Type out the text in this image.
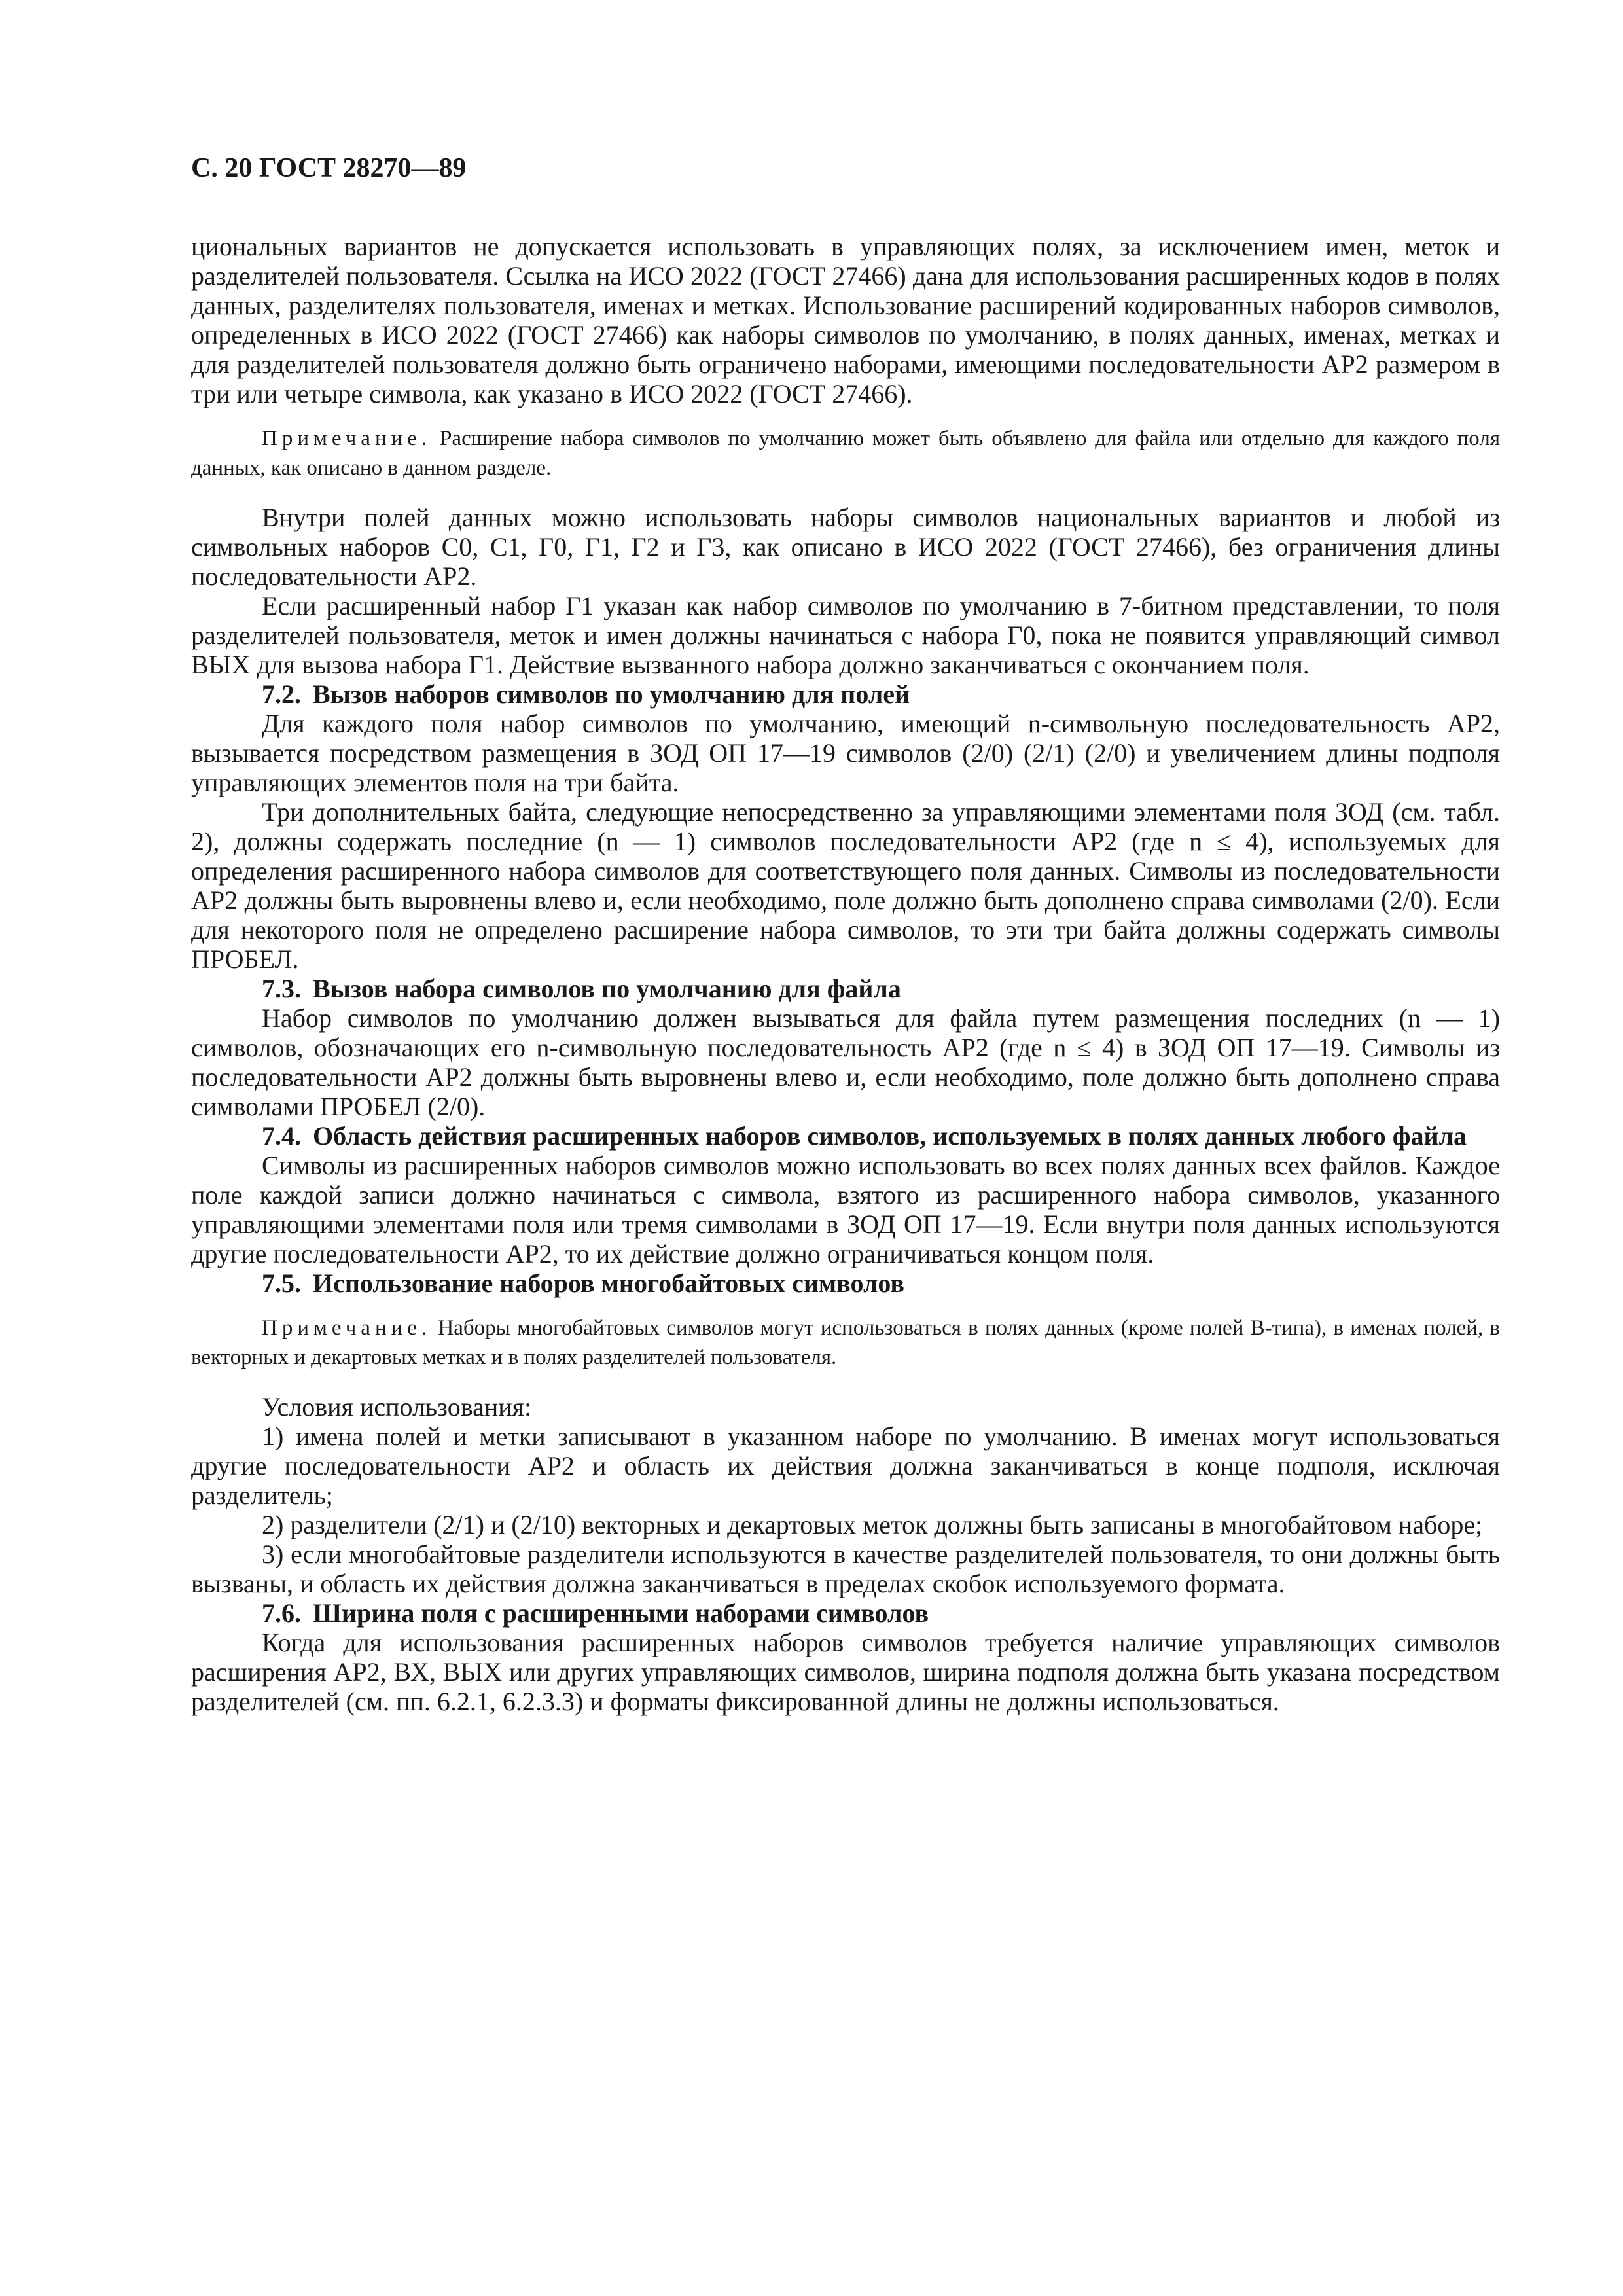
С. 20 ГОСТ 28270—89

циональных вариантов не допускается использовать в управляющих полях, за исключением имен, меток и разделителей пользователя. Ссылка на ИСО 2022 (ГОСТ 27466) дана для использования расширенных кодов в полях данных, разделителях пользователя, именах и метках. Использование расширений кодированных наборов символов, определенных в ИСО 2022 (ГОСТ 27466) как наборы символов по умолчанию, в полях данных, именах, метках и для разделителей пользователя должно быть ограничено наборами, имеющими последовательности АР2 размером в три или четыре символа, как указано в ИСО 2022 (ГОСТ 27466).

Примечание. Расширение набора символов по умолчанию может быть объявлено для файла или отдельно для каждого поля данных, как описано в данном разделе.

Внутри полей данных можно использовать наборы символов национальных вариантов и любой из символьных наборов С0, С1, Г0, Г1, Г2 и Г3, как описано в ИСО 2022 (ГОСТ 27466), без ограничения длины последовательности АР2.

Если расширенный набор Г1 указан как набор символов по умолчанию в 7-битном представлении, то поля разделителей пользователя, меток и имен должны начинаться с набора Г0, пока не появится управляющий символ ВЫХ для вызова набора Г1. Действие вызванного набора должно заканчиваться с окончанием поля.

7.2. Вызов наборов символов по умолчанию для полей

Для каждого поля набор символов по умолчанию, имеющий n-символьную последовательность АР2, вызывается посредством размещения в ЗОД ОП 17—19 символов (2/0) (2/1) (2/0) и увеличением длины подполя управляющих элементов поля на три байта.

Три дополнительных байта, следующие непосредственно за управляющими элементами поля ЗОД (см. табл. 2), должны содержать последние (n — 1) символов последовательности АР2 (где n ≤ 4), используемых для определения расширенного набора символов для соответствующего поля данных. Символы из последовательности АР2 должны быть выровнены влево и, если необходимо, поле должно быть дополнено справа символами (2/0). Если для некоторого поля не определено расширение набора символов, то эти три байта должны содержать символы ПРОБЕЛ.

7.3. Вызов набора символов по умолчанию для файла

Набор символов по умолчанию должен вызываться для файла путем размещения последних (n — 1) символов, обозначающих его n-символьную последовательность АР2 (где n ≤ 4) в ЗОД ОП 17—19. Символы из последовательности АР2 должны быть выровнены влево и, если необходимо, поле должно быть дополнено справа символами ПРОБЕЛ (2/0).

7.4. Область действия расширенных наборов символов, используемых в полях данных любого файла

Символы из расширенных наборов символов можно использовать во всех полях данных всех файлов. Каждое поле каждой записи должно начинаться с символа, взятого из расширенного набора символов, указанного управляющими элементами поля или тремя символами в ЗОД ОП 17—19. Если внутри поля данных используются другие последовательности АР2, то их действие должно ограничиваться концом поля.

7.5. Использование наборов многобайтовых символов

Примечание. Наборы многобайтовых символов могут использоваться в полях данных (кроме полей В-типа), в именах полей, в векторных и декартовых метках и в полях разделителей пользователя.

Условия использования:

1) имена полей и метки записывают в указанном наборе по умолчанию. В именах могут использоваться другие последовательности АР2 и область их действия должна заканчиваться в конце подполя, исключая разделитель;

2) разделители (2/1) и (2/10) векторных и декартовых меток должны быть записаны в многобайтовом наборе;

3) если многобайтовые разделители используются в качестве разделителей пользователя, то они должны быть вызваны, и область их действия должна заканчиваться в пределах скобок используемого формата.

7.6. Ширина поля с расширенными наборами символов

Когда для использования расширенных наборов символов требуется наличие управляющих символов расширения АР2, ВХ, ВЫХ или других управляющих символов, ширина подполя должна быть указана посредством разделителей (см. пп. 6.2.1, 6.2.3.3) и форматы фиксированной длины не должны использоваться.
